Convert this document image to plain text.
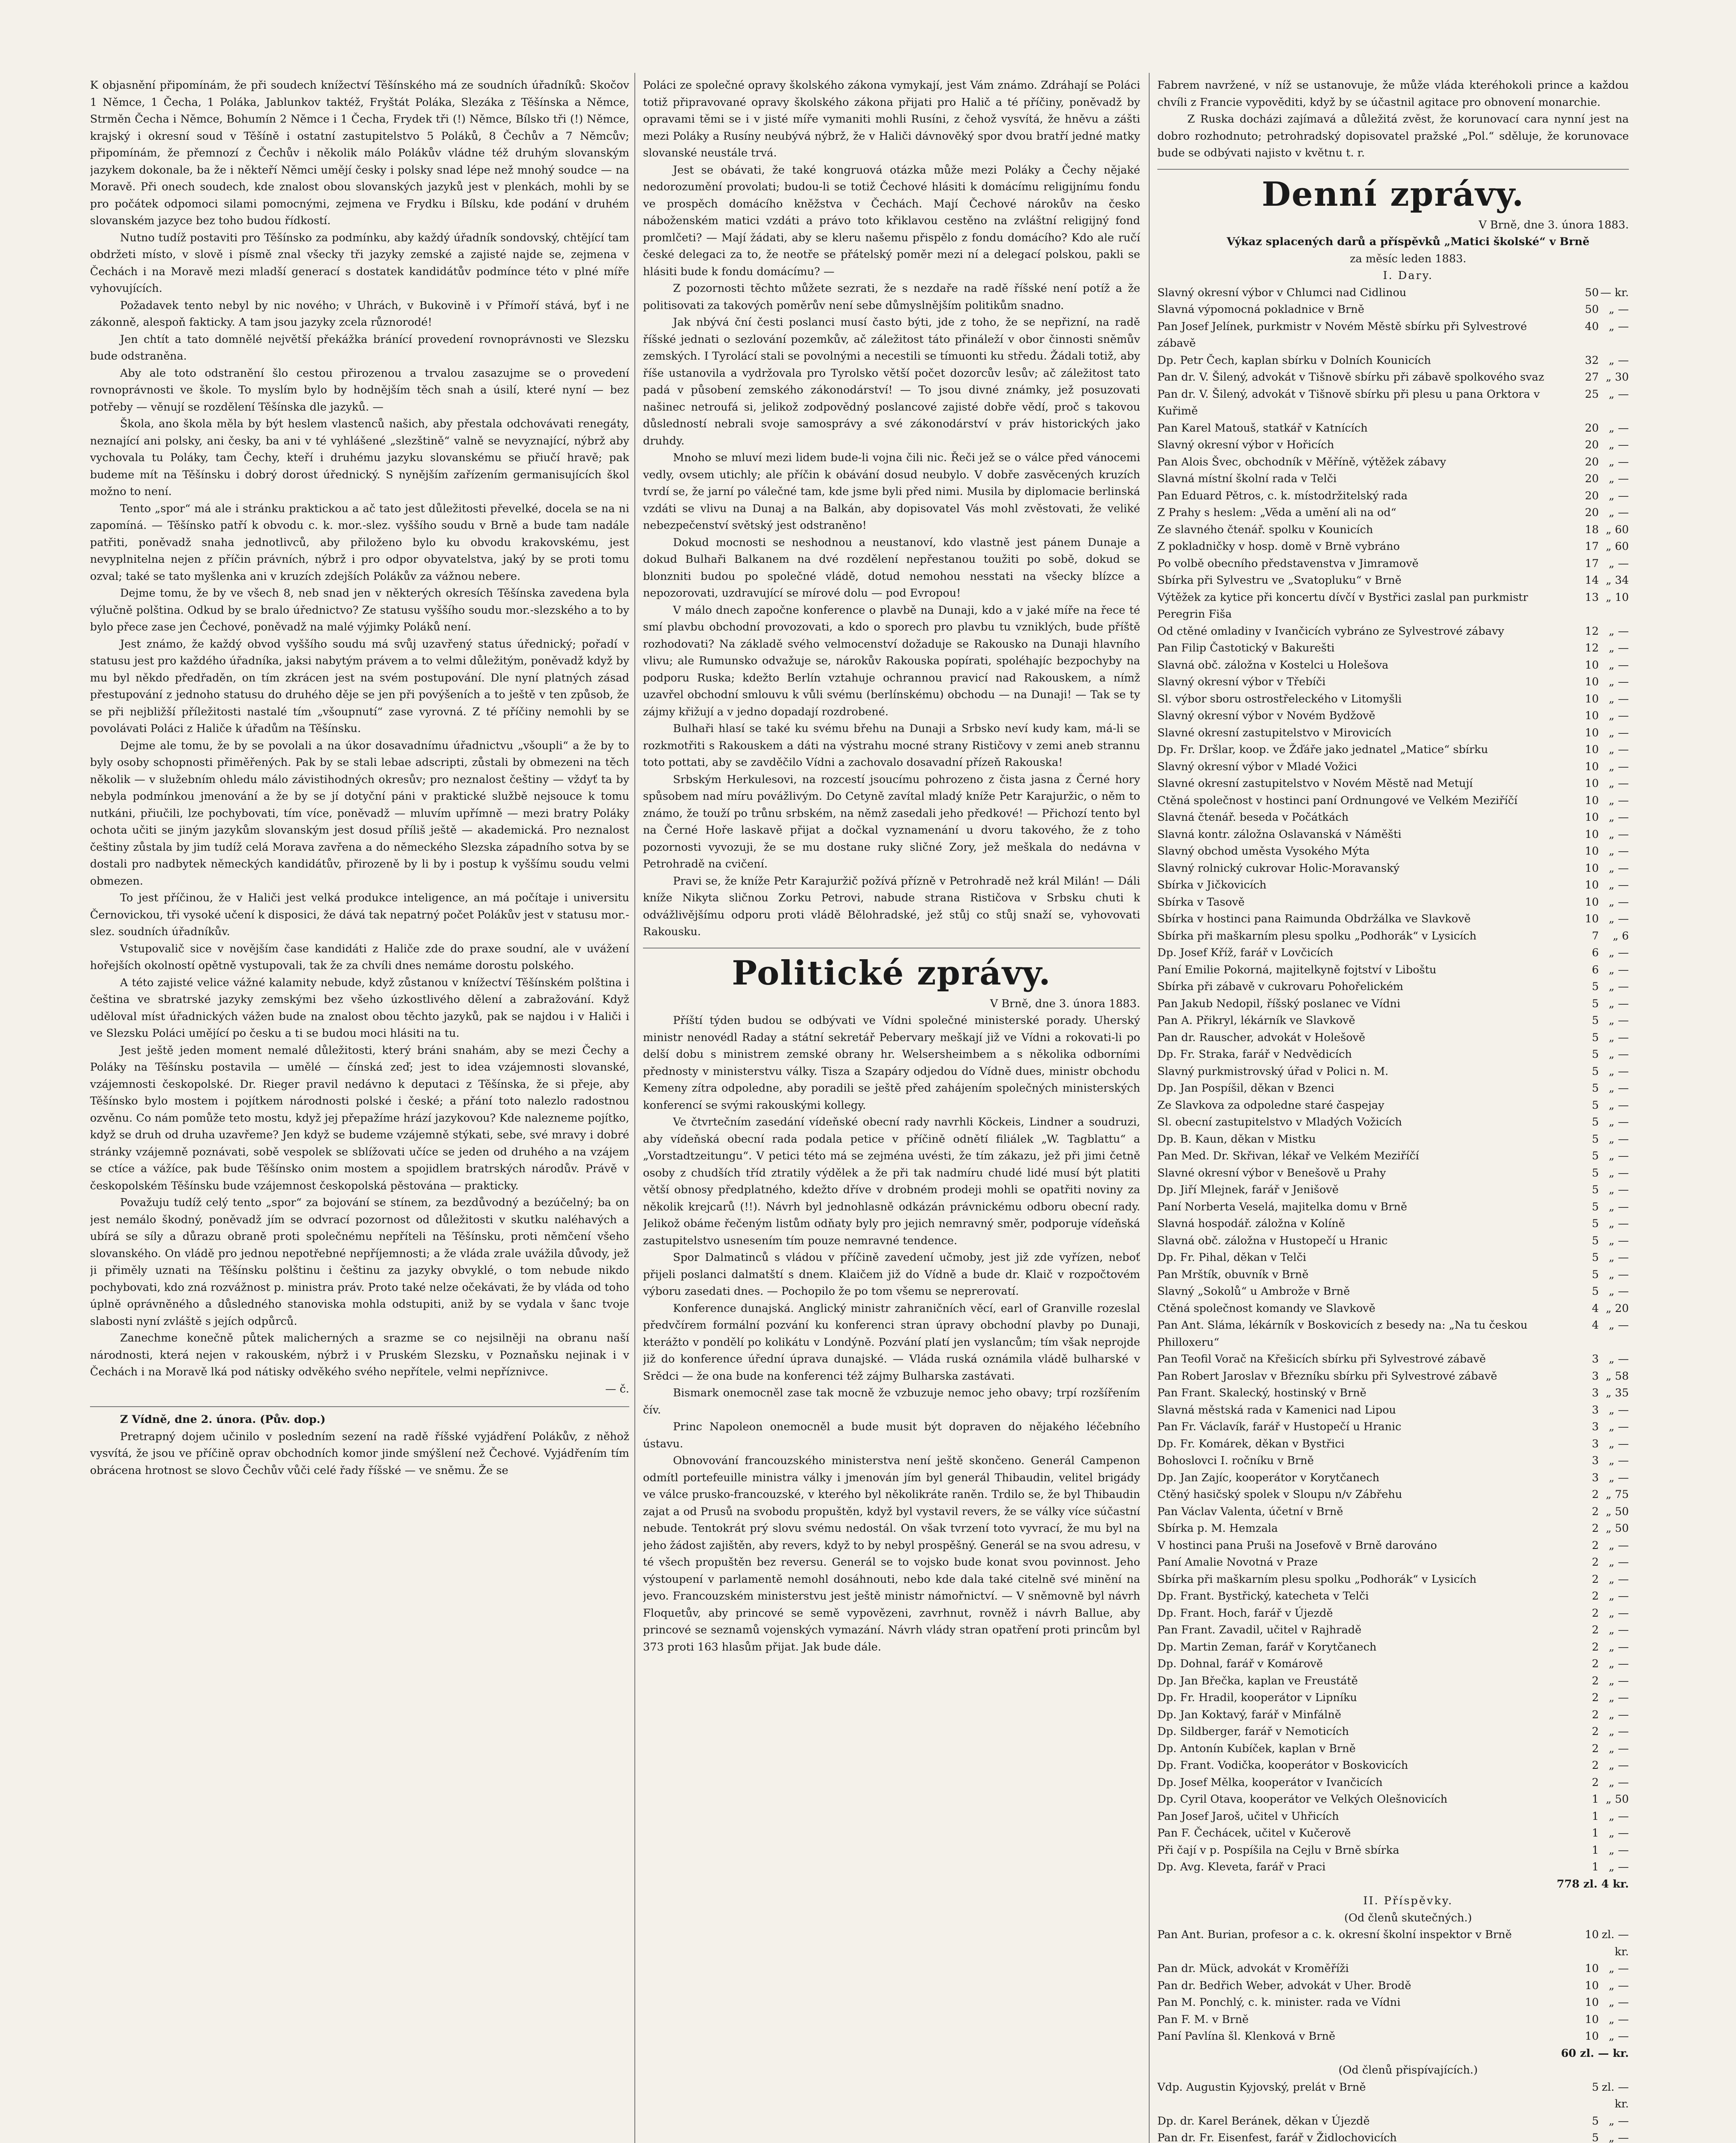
K objasnění připomínám, že při soudech knížectví Těšínského má ze soudních úřadníků: Skočov 1 Němce, 1 Čecha, 1 Poláka, Jablunkov taktéž, Fryštát Poláka, Slezáka z Těšínska a Němce, Strměn Čecha i Němce, Bohumín 2 Němce i 1 Čecha, Frydek tři (!) Němce, Bílsko tři (!) Němce, krajský i okresní soud v Těšíně i ostatní zastupitelstvo 5 Poláků, 8 Čechův a 7 Němcův; připomínám, že přemnozí z Čechův i několik málo Polákův vládne též druhým slovanským jazykem dokonale, ba že i někteří Němci umějí česky i polsky snad lépe než mnohý soudce — na Moravě. Při onech soudech, kde znalost obou slovanských jazyků jest v plenkách, mohli by se pro počátek odpomoci silami pomocnými, zejmena ve Frydku i Bílsku, kde podání v druhém slovanském jazyce bez toho budou řídkostí.

Nutno tudíž postaviti pro Těšínsko za podmínku, aby každý úřadník sondovský, chtějící tam obdržeti místo, v slově i písmě znal všecky tři jazyky zemské a zajisté najde se, zejmena v Čechách i na Moravě mezi mladší generací s dostatek kandidátův podmínce této v plné míře vyhovujících.

Požadavek tento nebyl by nic nového; v Uhrách, v Bukovině i v Přímoří stává, byť i ne zákonně, alespoň fakticky. A tam jsou jazyky zcela různorodé!

Jen chtít a tato domnělé největší překážka bránící provedení rovnoprávnosti ve Slezsku bude odstraněna.

Aby ale toto odstranění šlo cestou přirozenou a trvalou zasazujme se o provedení rovnoprávnosti ve škole. To myslím bylo by hodnějším těch snah a úsilí, které nyní — bez potřeby — věnují se rozdělení Těšínska dle jazyků. —

Škola, ano škola měla by být heslem vlastenců našich, aby přestala odchovávati renegáty, neznající ani polsky, ani česky, ba ani v té vyhlášené „slezštině“ valně se nevyznající, nýbrž aby vychovala tu Poláky, tam Čechy, kteří i druhému jazyku slovanskému se přiučí hravě; pak budeme mít na Těšínsku i dobrý dorost úřednický. S nynějším zařízením germanisujících škol možno to není.

Tento „spor“ má ale i stránku praktickou a ač tato jest důležitosti převelké, docela se na ni zapomíná. — Těšínsko patří k obvodu c. k. mor.-slez. vyššího soudu v Brně a bude tam nadále patřiti, poněvadž snaha jednotlivců, aby přiloženo bylo ku obvodu krakovskému, jest nevyplnitelna nejen z příčin právních, nýbrž i pro odpor obyvatelstva, jaký by se proti tomu ozval; také se tato myšlenka ani v kruzích zdejších Polákův za vážnou nebere.

Dejme tomu, že by ve všech 8, neb snad jen v některých okresích Těšínska zavedena byla výlučně polština. Odkud by se bralo úřednictvo? Ze statusu vyššího soudu mor.-slezského a to by bylo přece zase jen Čechové, poněvadž na malé výjimky Poláků není.

Jest známo, že každý obvod vyššího soudu má svůj uzavřený status úřednický; pořadí v statusu jest pro každého úřadníka, jaksi nabytým právem a to velmi důležitým, poněvadž když by mu byl někdo předřaděn, on tím zkrácen jest na svém postupování. Dle nyní platných zásad přestupování z jednoho statusu do druhého děje se jen při povýšeních a to ještě v ten způsob, že se při nejbližší příležitosti nastalé tím „všoupnutí“ zase vyrovná. Z té příčiny nemohli by se povolávati Poláci z Haliče k úřadům na Těšínsku.

Dejme ale tomu, že by se povolali a na úkor dosavadnímu úřadnictvu „všoupli“ a že by to byly osoby schopnosti přiměřených. Pak by se stali lebae adscripti, zůstali by obmezeni na těch několik — v služebním ohledu málo závistihodných okresův; pro neznalost češtiny — vždyť ta by nebyla podmínkou jmenování a že by se jí dotyční páni v praktické službě nejsouce k tomu nutkáni, přiučili, lze pochybovati, tím více, poněvadž — mluvím upřímně — mezi bratry Poláky ochota učiti se jiným jazykům slovanským jest dosud příliš ještě — akademická. Pro neznalost češtiny zůstala by jim tudíž celá Morava zavřena a do německého Slezska západního sotva by se dostali pro nadbytek německých kandidátův, přirozeně by li by i postup k vyššímu soudu velmi obmezen.

To jest příčinou, že v Haliči jest velká produkce inteligence, an má počítaje i universitu Černovickou, tři vysoké učení k disposici, že dává tak nepatrný počet Polákův jest v statusu mor.-slez. soudních úřadníkův.

Vstupovalič sice v novějším čase kandidáti z Haliče zde do praxe soudní, ale v uvážení hořejších okolností opětně vystupovali, tak že za chvíli dnes nemáme dorostu polského.

A této zajisté velice vážné kalamity nebude, když zůstanou v knížectví Těšínském polština i čeština ve sbratrské jazyky zemskými bez všeho úzkostlivého dělení a zabražování. Když uděloval míst úřadnických vážen bude na znalost obou těchto jazyků, pak se najdou i v Haliči i ve Slezsku Poláci umějící po česku a ti se budou moci hlásiti na tu.

Jest ještě jeden moment nemalé důležitosti, který bráni snahám, aby se mezi Čechy a Poláky na Těšínsku postavila — umělé — čínská zeď; jest to idea vzájemnosti slovanské, vzájemnosti českopolské. Dr. Rieger pravil nedávno k deputaci z Těšínska, že si přeje, aby Těšínsko bylo mostem i pojítkem národnosti polské i české; a přání toto nalezlo radostnou ozvěnu. Co nám pomůže teto mostu, když jej přepažíme hrází jazykovou? Kde nalezneme pojítko, když se druh od druha uzavřeme? Jen když se budeme vzájemně stýkati, sebe, své mravy i dobré stránky vzájemně poznávati, sobě vespolek se sblížovati učíce se jeden od druhého a na vzájem se ctíce a vážíce, pak bude Těšínsko onim mostem a spojidlem bratrských národův. Právě v českopolském Těšínsku bude vzájemnost českopolská pěstována — prakticky.

Považuju tudíž celý tento „spor“ za bojování se stínem, za bezdůvodný a bezúčelný; ba on jest nemálo škodný, poněvadž jím se odvrací pozornost od důležitosti v skutku naléhavých a ubírá se síly a důrazu obraně proti společnému nepříteli na Těšínsku, proti němčení všeho slovanského. On vládě pro jednou nepotřebné nepříjemnosti; a že vláda zrale uvážila důvody, jež ji přiměly uznati na Těšínsku polštinu i češtinu za jazyky obvyklé, o tom nebude nikdo pochybovati, kdo zná rozvážnost p. ministra práv. Proto také nelze očekávati, že by vláda od toho úplně oprávněného a důsledného stanoviska mohla odstupiti, aniž by se vydala v šanc tvoje slabosti nyní zvláště s jejích odpůrců.

Zanechme konečně půtek malicherných a srazme se co nejsilněji na obranu naší národnosti, která nejen v rakouském, nýbrž i v Pruském Slezsku, v Poznaňsku nejinak i v Čechách i na Moravě lká pod nátisky odvěkého svého nepřítele, velmi nepříznivce.

— č.

Z Vídně, dne 2. února. (Pův. dop.)

Pretrapný dojem učinilo v posledním sezení na radě říšské vyjádření Polákův, z něhož vysvítá, že jsou ve příčině oprav obchodních komor jinde smýšlení než Čechové. Vyjádřením tím obrácena hrotnost se slovo Čechův vůči celé řady říšské — ve sněmu. Že se

Poláci ze společné opravy školského zákona vymykají, jest Vám známo. Zdráhají se Poláci totiž připravované opravy školského zákona přijati pro Halič a té příčiny, poněvadž by opravami těmi se i v jisté míře vymaniti mohli Rusíni, z čehož vysvítá, že hněvu a zášti mezi Poláky a Rusíny neubývá nýbrž, že v Haliči dávnověký spor dvou bratří jedné matky slovanské neustále trvá.

Jest se obávati, že také kongruová otázka může mezi Poláky a Čechy nějaké nedorozumění provolati; budou-li se totiž Čechové hlásiti k domácímu religijnímu fondu ve prospěch domácího kněžstva v Čechách. Mají Čechové nárokův na česko náboženském matici vzdáti a právo toto křiklavou cestěno na zvláštní religijný fond promlčeti? — Mají žádati, aby se kleru našemu přispělo z fondu domácího? Kdo ale ručí české delegaci za to, že neotře se přátelský poměr mezi ní a delegací polskou, pakli se hlásiti bude k fondu domácímu? —

Z pozornosti těchto můžete sezrati, že s nezdaře na radě říšské není potíž a že politisovati za takových poměrův není sebe důmyslnějším politikům snadno.

Jak nbývá ční česti poslanci musí často býti, jde z toho, že se nepřizní, na radě říšské jednati o sezlování pozemkův, ač záležitost táto přináleží v obor činnosti sněmův zemských. I Tyrolácí stali se povolnými a necestili se tímuonti ku středu. Žádali totiž, aby říše ustanovila a vydržovala pro Tyrolsko větší počet dozorcův lesův; ač záležitost tato padá v působení zemského zákonodárství! — To jsou divné známky, jež posuzovati našinec netroufá si, jelikož zodpovědný poslancové zajisté dobře vědí, proč s takovou důsledností nebrali svoje samosprávy a své zákonodárství v práv historických jako druhdy.

Mnoho se mluví mezi lidem bude-li vojna čili nic. Řeči jež se o válce před vánocemi vedly, ovsem utichly; ale příčin k obávání dosud neubylo. V dobře zasvěcených kruzích tvrdí se, že jarní po válečné tam, kde jsme byli před nimi. Musila by diplomacie berlinská vzdáti se vlivu na Dunaj a na Balkán, aby dopisovatel Vás mohl zvěstovati, že veliké nebezpečenství světský jest odstraněno!

Dokud mocnosti se neshodnou a neustanoví, kdo vlastně jest pánem Dunaje a dokud Bulhaři Balkanem na dvé rozdělení nepřestanou toužiti po sobě, dokud se blonzniti budou po společné vládě, dotud nemohou nesstati na všecky blízce a nepozorovati, uzdravující se mírové dolu — pod Evropou!

V málo dnech započne konference o plavbě na Dunaji, kdo a v jaké míře na řece té smí plavbu obchodní provozovati, a kdo o sporech pro plavbu tu vzniklých, bude příště rozhodovati? Na základě svého velmocenství dožaduje se Rakousko na Dunaji hlavního vlivu; ale Rumunsko odvažuje se, nárokův Rakouska popírati, spoléhajíc bezpochyby na podporu Ruska; kdežto Berlín vztahuje ochrannou pravicí nad Rakouskem, a nímž uzavřel obchodní smlouvu k vůli svému (berlínskému) obchodu — na Dunaji! — Tak se ty zájmy křižují a v jedno dopadají rozdrobené.

Bulhaři hlasí se také ku svému břehu na Dunaji a Srbsko neví kudy kam, má-li se rozkmotřiti s Rakouskem a dáti na výstrahu mocné strany Rističovy v zemi aneb strannu toto pottati, aby se zavděčilo Vídni a zachovalo dosavadní přízeň Rakouska!

Srbským Herkulesovi, na rozcestí jsoucímu pohrozeno z čista jasna z Černé hory spůsobem nad míru povážlivým. Do Cetyně zavítal mladý kníže Petr Karajuržic, o něm to známo, že touží po trůnu srbském, na němž zasedali jeho předkové! — Přichozí tento byl na Černé Hoře laskavě přijat a dočkal vyznamenání u dvoru takového, že z toho pozornosti vyvozuji, že se mu dostane ruky sličné Zory, jež meškala do nedávna v Petrohradě na cvičení.

Pravi se, že kníže Petr Karajuržič požívá přízně v Petrohradě než král Milán! — Dáli kníže Nikyta sličnou Zorku Petrovi, nabude strana Rističova v Srbsku chuti k odvážlivějšímu odporu proti vládě Bělohradské, jež stůj co stůj snaží se, vyhovovati Rakousku.

Politické zprávy.

V Brně, dne 3. února 1883.

Příští týden budou se odbývati ve Vídni společné ministerské porady. Uherský ministr nenovédl Raday a státní sekretář Pebervary meškají již ve Vídni a rokovati-li po delší dobu s ministrem zemské obrany hr. Welsersheimbem a s několika odborními přednosty v ministerstvu války. Tisza a Szapáry odjedou do Vídně dues, ministr obchodu Kemeny zítra odpoledne, aby poradili se ještě před zahájením společných ministerských konferencí se svými rakouskými kollegy.

Ve čtvrtečním zasedání vídeňské obecní rady navrhli Köckeis, Lindner a soudruzi, aby vídeňská obecní rada podala petice v příčině odnětí filiálek „W. Tagblattu“ a „Vorstadtzeitungu“. V petici této má se zejména uvésti, že tím zákazu, jež při jimi četně osoby z chudších tříd ztratily výdělek a že při tak nadmíru chudé lidé musí být platiti větší obnosy předplatného, kdežto dříve v drobném prodeji mohli se opatřiti noviny za několik krejcarů (!!). Návrh byl jednohlasně odkázán právnickému odboru obecní rady. Jelikož obáme řečeným listům odňaty byly pro jejich nemravný směr, podporuje vídeňská zastupitelstvo usnesením tím pouze nemravné tendence.

Spor Dalmatinců s vládou v příčině zavedení učmoby, jest již zde vyřízen, neboť přijeli poslanci dalmatští s dnem. Klaičem již do Vídně a bude dr. Klaič v rozpočtovém výboru zasedati dnes. — Pochopilo že po tom všemu se neprerovatí.

Konference dunajská. Anglický ministr zahraničních věcí, earl of Granville rozeslal předvčírem formální pozvání ku konferenci stran úpravy obchodní plavby po Dunaji, kterážto v pondělí po kolikátu v Londýně. Pozvání platí jen vyslancům; tím však neprojde již do konference úřední úprava dunajské. — Vláda ruská oznámila vládě bulharské v Srědci — že ona bude na konferenci též zájmy Bulharska zastávati.

Bismark onemocněl zase tak mocně že vzbuzuje nemoc jeho obavy; trpí rozšířením čív.

Princ Napoleon onemocněl a bude musit být dopraven do nějakého léčebního ústavu.

Obnovování francouzského ministerstva není ještě skončeno. Generál Campenon odmítl portefeuille ministra války i jmenován jím byl generál Thibaudin, velitel brigády ve válce prusko-francouzské, v kterého byl několikráte raněn. Trdilo se, že byl Thibaudin zajat a od Prusů na svobodu propuštěn, když byl vystavil revers, že se války více súčastní nebude. Tentokrát prý slovu svému nedostál. On však tvrzení toto vyvrací, že mu byl na jeho žádost zajištěn, aby revers, když to by nebyl prospěšný. Generál se na svou adresu, v té všech propuštěn bez reversu. Generál se to vojsko bude konat svou povinnost. Jeho výstoupení v parlamentě nemohl dosáhnouti, nebo kde dala také citelně své minění na jevo. Francouzském ministerstvu jest ještě ministr námořnictví. — V sněmovně byl návrh Floquetův, aby princové se semě vypovězeni, zavrhnut, rovněž i návrh Ballue, aby princové se seznamů vojenských vymazání. Návrh vlády stran opatření proti princům byl 373 proti 163 hlasům přijat. Jak bude dále.

Fabrem navržené, v níž se ustanovuje, že může vláda kteréhokoli prince a každou chvíli z Francie vypověditi, když by se účastnil agitace pro obnovení monarchie.

Z Ruska docházi zajímavá a důležitá zvěst, že korunovací cara nynní jest na dobro rozhodnuto; petrohradský dopisovatel pražské „Pol.“ sděluje, že korunovace bude se odbývati najisto v květnu t. r.

Denní zprávy.

V Brně, dne 3. února 1883.

Výkaz splacených darů a příspěvků „Matici školské“ v Brně

za měsíc leden 1883.

I. Dary.

Slavný okresní výbor v Chlumci nad Cidlinou	50	— kr.
Slavná výpomocná pokladnice v Brně	50	„ —
Pan Josef Jelínek, purkmistr v Novém Městě sbírku při Sylvestrové zábavě	40	„ —
Dp. Petr Čech, kaplan sbírku v Dolních Kounicích	32	„ —
Pan dr. V. Šilený, advokát v Tišnově sbírku při zábavě spolkového svaz	27	„ 30
Pan dr. V. Šilený, advokát v Tišnově sbírku při plesu u pana Orktora v Kuřimě	25	„ —
Pan Karel Matouš, statkář v Katnících	20	„ —
Slavný okresní výbor v Hořicích	20	„ —
Pan Alois Švec, obchodník v Měříně, výtěžek zábavy	20	„ —
Slavná místní školní rada v Telči	20	„ —
Pan Eduard Pětros, c. k. místodržitelský rada	20	„ —
Z Prahy s heslem: „Věda a umění ali na od“	20	„ —
Ze slavného čtenář. spolku v Kounicích	18	„ 60
Z pokladničky v hosp. domě v Brně vybráno	17	„ 60
Po volbě obecního představenstva v Jimramově	17	„ —
Sbírka při Sylvestru ve „Svatopluku“ v Brně	14	„ 34
Výtěžek za kytice při koncertu dívčí v Bystřici zaslal pan purkmistr Peregrin Fiša	13	„ 10
Od ctěné omladiny v Ivančicích vybráno ze Sylvestrové zábavy	12	„ —
Pan Filip Častotický v Bakurešti	12	„ —
Slavná obč. záložna v Kostelci u Holešova	10	„ —
Slavný okresní výbor v Třebíči	10	„ —
Sl. výbor sboru ostrostřeleckého v Litomyšli	10	„ —
Slavný okresní výbor v Novém Bydžově	10	„ —
Slavné okresní zastupitelstvo v Mirovicích	10	„ —
Dp. Fr. Dršlar, koop. ve Žďáře jako jednatel „Matice“ sbírku	10	„ —
Slavný okresní výbor v Mladé Vožici	10	„ —
Slavné okresní zastupitelstvo v Novém Městě nad Metují	10	„ —
Ctěná společnost v hostinci paní Ordnungové ve Velkém Meziříčí	10	„ —
Slavná čtenář. beseda v Počátkách	10	„ —
Slavná kontr. záložna Oslavanská v Náměšti	10	„ —
Slavný obchod uměsta Vysokého Mýta	10	„ —
Slavný rolnický cukrovar Holic-Moravanský	10	„ —
Sbírka v Jičkovicích	10	„ —
Sbírka v Tasově	10	„ —
Sbírka v hostinci pana Raimunda Obdržálka ve Slavkově	10	„ —
Sbírka při maškarním plesu spolku „Podhorák“ v Lysicích	7	„ 6
Dp. Josef Kříž, farář v Lovčicích	6	„ —
Paní Emilie Pokorná, majitelkyně fojtství v Liboštu	6	„ —
Sbírka při zábavě v cukrovaru Pohořelickém	5	„ —
Pan Jakub Nedopil, říšský poslanec ve Vídni	5	„ —
Pan A. Přikryl, lékárník ve Slavkově	5	„ —
Pan dr. Rauscher, advokát v Holešově	5	„ —
Dp. Fr. Straka, farář v Nedvědicích	5	„ —
Slavný purkmistrovský úřad v Polici n. M.	5	„ —
Dp. Jan Pospíšil, děkan v Bzenci	5	„ —
Ze Slavkova za odpoledne staré časpejay	5	„ —
Sl. obecní zastupitelstvo v Mladých Vožicích	5	„ —
Dp. B. Kaun, děkan v Mistku	5	„ —
Pan Med. Dr. Skřivan, lékař ve Velkém Meziříčí	5	„ —
Slavné okresní výbor v Benešově u Prahy	5	„ —
Dp. Jiří Mlejnek, farář v Jenišově	5	„ —
Paní Norberta Veselá, majitelka domu v Brně	5	„ —
Slavná hospodář. záložna v Kolíně	5	„ —
Slavná obč. záložna v Hustopečí u Hranic	5	„ —
Dp. Fr. Pihal, děkan v Telči	5	„ —
Pan Mrštík, obuvník v Brně	5	„ —
Slavný „Sokolů“ u Ambrože v Brně	5	„ —
Ctěná společnost komandy ve Slavkově	4	„ 20
Pan Ant. Sláma, lékárník v Boskovicích z besedy na: „Na tu českou Philloxeru“	4	„ —
Pan Teofil Vorač na Křešicích sbírku při Sylvestrové zábavě	3	„ —
Pan Robert Jaroslav v Březníku sbírku při Sylvestrové zábavě	3	„ 58
Pan Frant. Skalecký, hostinský v Brně	3	„ 35
Slavná městská rada v Kamenici nad Lipou	3	„ —
Pan Fr. Václavík, farář v Hustopečí u Hranic	3	„ —
Dp. Fr. Komárek, děkan v Bystřici	3	„ —
Bohoslovci I. ročníku v Brně	3	„ —
Dp. Jan Zajíc, kooperátor v Korytčanech	3	„ —
Ctěný hasičský spolek v Sloupu n/v Zábřehu	2	„ 75
Pan Václav Valenta, účetní v Brně	2	„ 50
Sbírka p. M. Hemzala	2	„ 50
V hostinci pana Pruši na Josefově v Brně darováno	2	„ —
Paní Amalie Novotná v Praze	2	„ —
Sbírka při maškarním plesu spolku „Podhorák“ v Lysicích	2	„ —
Dp. Frant. Bystřický, katecheta v Telči	2	„ —
Dp. Frant. Hoch, farář v Újezdě	2	„ —
Pan Frant. Zavadil, učitel v Rajhradě	2	„ —
Dp. Martin Zeman, farář v Korytčanech	2	„ —
Dp. Dohnal, farář v Komárově	2	„ —
Dp. Jan Břečka, kaplan ve Freustátě	2	„ —
Dp. Fr. Hradil, kooperátor v Lipníku	2	„ —
Dp. Jan Koktavý, farář v Minfálně	2	„ —
Dp. Sildberger, farář v Nemoticích	2	„ —
Dp. Antonín Kubíček, kaplan v Brně	2	„ —
Dp. Frant. Vodička, kooperátor v Boskovicích	2	„ —
Dp. Josef Mělka, kooperátor v Ivančicích	2	„ —
Dp. Cyril Otava, kooperátor ve Velkých Olešnovicích	1	„ 50
Pan Josef Jaroš, učitel v Uhřicích	1	„ —
Pan F. Čechácek, učitel v Kučerově	1	„ —
Při čají v p. Pospíšila na Cejlu v Brně sbírka	1	„ —
Dp. Avg. Kleveta, farář v Praci	1	„ —

778 zl. 4 kr.

II. Příspěvky.

(Od členů skutečných.)

Pan Ant. Burian, profesor a c. k. okresní školní inspektor v Brně	10	zl. — kr.
Pan dr. Mück, advokát v Kroměříži	10	„ —
Pan dr. Bedřich Weber, advokát v Uher. Brodě	10	„ —
Pan M. Ponchlý, c. k. minister. rada ve Vídni	10	„ —
Pan F. M. v Brně	10	„ —
Paní Pavlína šl. Klenková v Brně	10	„ —

60 zl. — kr.

(Od členů přispívajících.)

Vdp. Augustin Kyjovský, prelát v Brně	5	zl. — kr.
Dp. dr. Karel Beránek, děkan v Újezdě	5	„ —
Pan dr. Fr. Eisenfest, farář v Židlochovicích	5	„ —
